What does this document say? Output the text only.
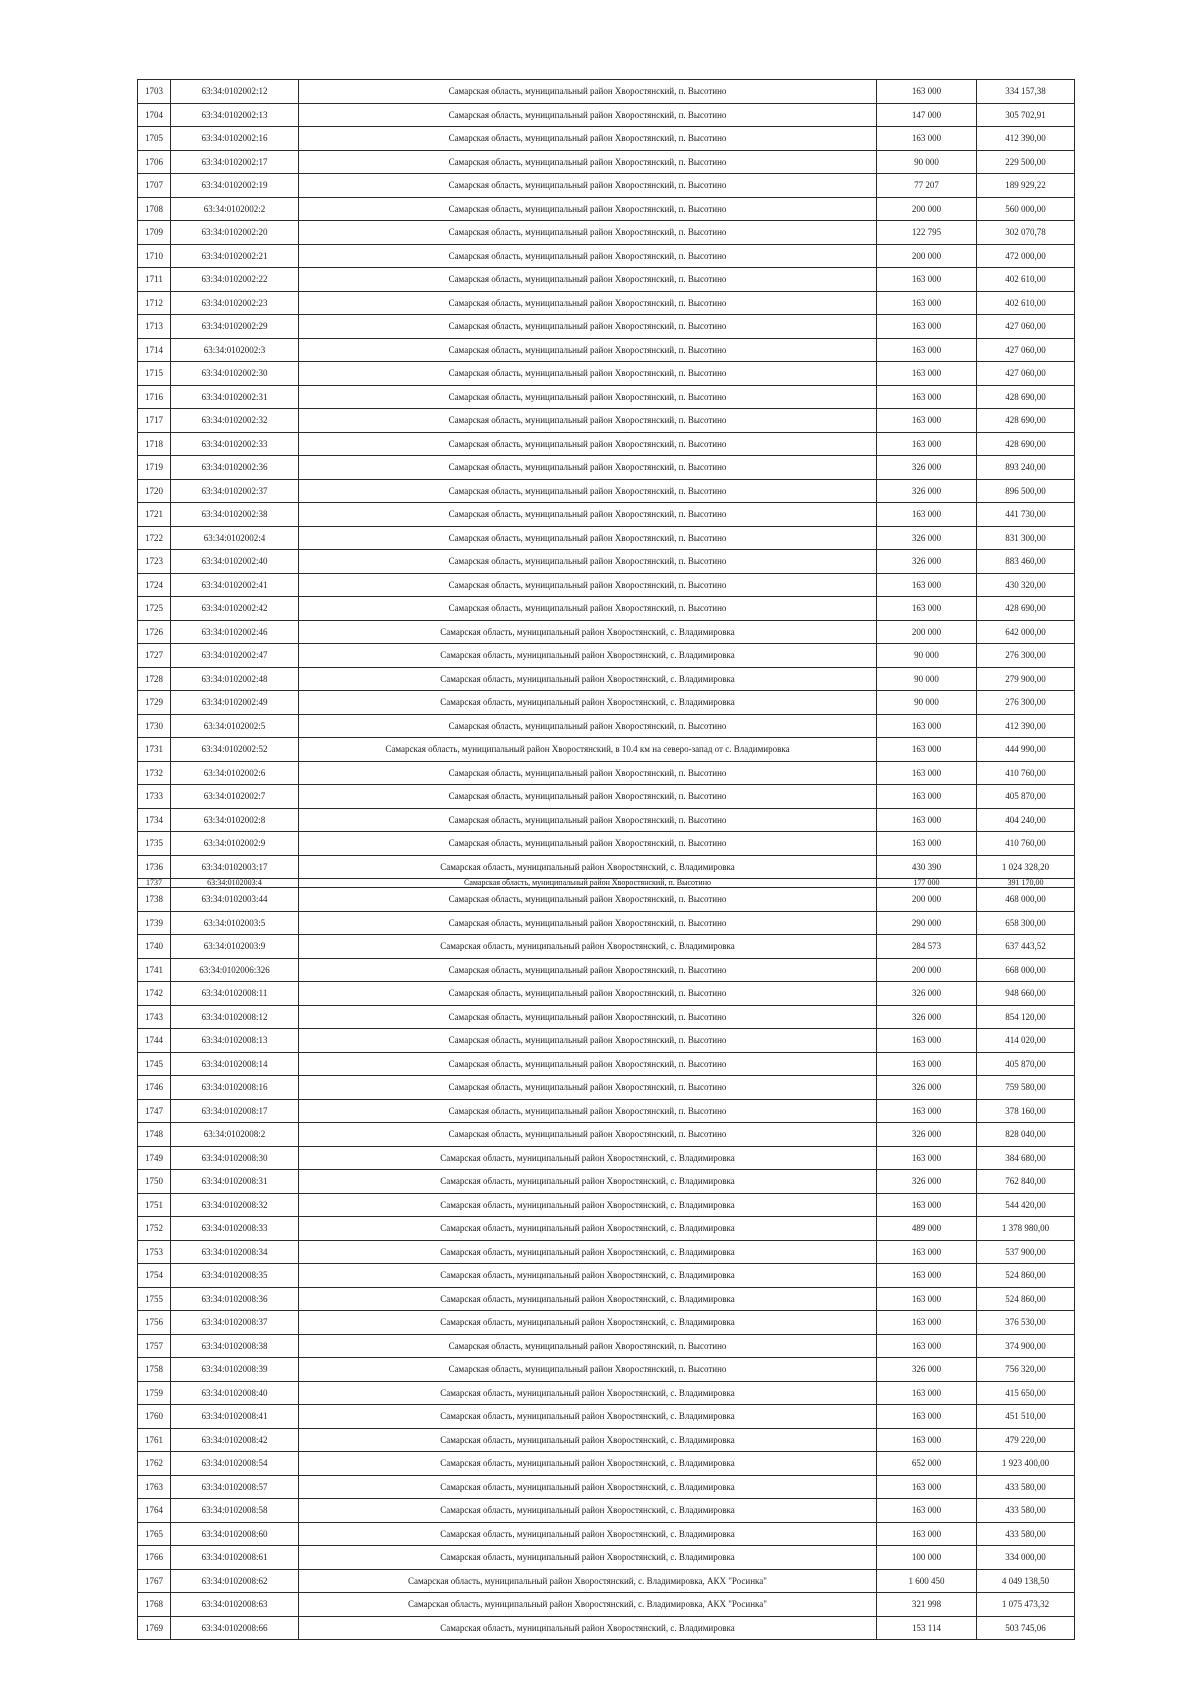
1703	63:34:0102002:12	Самарская область, муниципальный район Хворостянский, п. Высотино	163 000	334 157,38
1704	63:34:0102002:13	Самарская область, муниципальный район Хворостянский, п. Высотино	147 000	305 702,91
1705	63:34:0102002:16	Самарская область, муниципальный район Хворостянский, п. Высотино	163 000	412 390,00
1706	63:34:0102002:17	Самарская область, муниципальный район Хворостянский, п. Высотино	90 000	229 500,00
1707	63:34:0102002:19	Самарская область, муниципальный район Хворостянский, п. Высотино	77 207	189 929,22
1708	63:34:0102002:2	Самарская область, муниципальный район Хворостянский, п. Высотино	200 000	560 000,00
1709	63:34:0102002:20	Самарская область, муниципальный район Хворостянский, п. Высотино	122 795	302 070,78
1710	63:34:0102002:21	Самарская область, муниципальный район Хворостянский, п. Высотино	200 000	472 000,00
1711	63:34:0102002:22	Самарская область, муниципальный район Хворостянский, п. Высотино	163 000	402 610,00
1712	63:34:0102002:23	Самарская область, муниципальный район Хворостянский, п. Высотино	163 000	402 610,00
1713	63:34:0102002:29	Самарская область, муниципальный район Хворостянский, п. Высотино	163 000	427 060,00
1714	63:34:0102002:3	Самарская область, муниципальный район Хворостянский, п. Высотино	163 000	427 060,00
1715	63:34:0102002:30	Самарская область, муниципальный район Хворостянский, п. Высотино	163 000	427 060,00
1716	63:34:0102002:31	Самарская область, муниципальный район Хворостянский, п. Высотино	163 000	428 690,00
1717	63:34:0102002:32	Самарская область, муниципальный район Хворостянский, п. Высотино	163 000	428 690,00
1718	63:34:0102002:33	Самарская область, муниципальный район Хворостянский, п. Высотино	163 000	428 690,00
1719	63:34:0102002:36	Самарская область, муниципальный район Хворостянский, п. Высотино	326 000	893 240,00
1720	63:34:0102002:37	Самарская область, муниципальный район Хворостянский, п. Высотино	326 000	896 500,00
1721	63:34:0102002:38	Самарская область, муниципальный район Хворостянский, п. Высотино	163 000	441 730,00
1722	63:34:0102002:4	Самарская область, муниципальный район Хворостянский, п. Высотино	326 000	831 300,00
1723	63:34:0102002:40	Самарская область, муниципальный район Хворостянский, п. Высотино	326 000	883 460,00
1724	63:34:0102002:41	Самарская область, муниципальный район Хворостянский, п. Высотино	163 000	430 320,00
1725	63:34:0102002:42	Самарская область, муниципальный район Хворостянский, п. Высотино	163 000	428 690,00
1726	63:34:0102002:46	Самарская область, муниципальный район Хворостянский, с. Владимировка	200 000	642 000,00
1727	63:34:0102002:47	Самарская область, муниципальный район Хворостянский, с. Владимировка	90 000	276 300,00
1728	63:34:0102002:48	Самарская область, муниципальный район Хворостянский, с. Владимировка	90 000	279 900,00
1729	63:34:0102002:49	Самарская область, муниципальный район Хворостянский, с. Владимировка	90 000	276 300,00
1730	63:34:0102002:5	Самарская область, муниципальный район Хворостянский, п. Высотино	163 000	412 390,00
1731	63:34:0102002:52	Самарская область, муниципальный район Хворостянский, в 10.4 км на северо-запад от с. Владимировка	163 000	444 990,00
1732	63:34:0102002:6	Самарская область, муниципальный район Хворостянский, п. Высотино	163 000	410 760,00
1733	63:34:0102002:7	Самарская область, муниципальный район Хворостянский, п. Высотино	163 000	405 870,00
1734	63:34:0102002:8	Самарская область, муниципальный район Хворостянский, п. Высотино	163 000	404 240,00
1735	63:34:0102002:9	Самарская область, муниципальный район Хворостянский, п. Высотино	163 000	410 760,00
1736	63:34:0102003:17	Самарская область, муниципальный район Хворостянский, с. Владимировка	430 390	1 024 328,20
1737	63:34:0102003:4	Самарская область, муниципальный район Хворостянский, п. Высотино	177 000	391 170,00
1738	63:34:0102003:44	Самарская область, муниципальный район Хворостянский, п. Высотино	200 000	468 000,00
1739	63:34:0102003:5	Самарская область, муниципальный район Хворостянский, п. Высотино	290 000	658 300,00
1740	63:34:0102003:9	Самарская область, муниципальный район Хворостянский, с. Владимировка	284 573	637 443,52
1741	63:34:0102006:326	Самарская область, муниципальный район Хворостянский, п. Высотино	200 000	668 000,00
1742	63:34:0102008:11	Самарская область, муниципальный район Хворостянский, п. Высотино	326 000	948 660,00
1743	63:34:0102008:12	Самарская область, муниципальный район Хворостянский, п. Высотино	326 000	854 120,00
1744	63:34:0102008:13	Самарская область, муниципальный район Хворостянский, п. Высотино	163 000	414 020,00
1745	63:34:0102008:14	Самарская область, муниципальный район Хворостянский, п. Высотино	163 000	405 870,00
1746	63:34:0102008:16	Самарская область, муниципальный район Хворостянский, п. Высотино	326 000	759 580,00
1747	63:34:0102008:17	Самарская область, муниципальный район Хворостянский, п. Высотино	163 000	378 160,00
1748	63:34:0102008:2	Самарская область, муниципальный район Хворостянский, п. Высотино	326 000	828 040,00
1749	63:34:0102008:30	Самарская область, муниципальный район Хворостянский, с. Владимировка	163 000	384 680,00
1750	63:34:0102008:31	Самарская область, муниципальный район Хворостянский, с. Владимировка	326 000	762 840,00
1751	63:34:0102008:32	Самарская область, муниципальный район Хворостянский, с. Владимировка	163 000	544 420,00
1752	63:34:0102008:33	Самарская область, муниципальный район Хворостянский, с. Владимировка	489 000	1 378 980,00
1753	63:34:0102008:34	Самарская область, муниципальный район Хворостянский, с. Владимировка	163 000	537 900,00
1754	63:34:0102008:35	Самарская область, муниципальный район Хворостянский, с. Владимировка	163 000	524 860,00
1755	63:34:0102008:36	Самарская область, муниципальный район Хворостянский, с. Владимировка	163 000	524 860,00
1756	63:34:0102008:37	Самарская область, муниципальный район Хворостянский, с. Владимировка	163 000	376 530,00
1757	63:34:0102008:38	Самарская область, муниципальный район Хворостянский, п. Высотино	163 000	374 900,00
1758	63:34:0102008:39	Самарская область, муниципальный район Хворостянский, п. Высотино	326 000	756 320,00
1759	63:34:0102008:40	Самарская область, муниципальный район Хворостянский, с. Владимировка	163 000	415 650,00
1760	63:34:0102008:41	Самарская область, муниципальный район Хворостянский, с. Владимировка	163 000	451 510,00
1761	63:34:0102008:42	Самарская область, муниципальный район Хворостянский, с. Владимировка	163 000	479 220,00
1762	63:34:0102008:54	Самарская область, муниципальный район Хворостянский, с. Владимировка	652 000	1 923 400,00
1763	63:34:0102008:57	Самарская область, муниципальный район Хворостянский, с. Владимировка	163 000	433 580,00
1764	63:34:0102008:58	Самарская область, муниципальный район Хворостянский, с. Владимировка	163 000	433 580,00
1765	63:34:0102008:60	Самарская область, муниципальный район Хворостянский, с. Владимировка	163 000	433 580,00
1766	63:34:0102008:61	Самарская область, муниципальный район Хворостянский, с. Владимировка	100 000	334 000,00
1767	63:34:0102008:62	Самарская область, муниципальный район Хворостянский, с. Владимировка, АКХ "Росинка"	1 600 450	4 049 138,50
1768	63:34:0102008:63	Самарская область, муниципальный район Хворостянский, с. Владимировка, АКХ "Росинка"	321 998	1 075 473,32
1769	63:34:0102008:66	Самарская область, муниципальный район Хворостянский, с. Владимировка	153 114	503 745,06
